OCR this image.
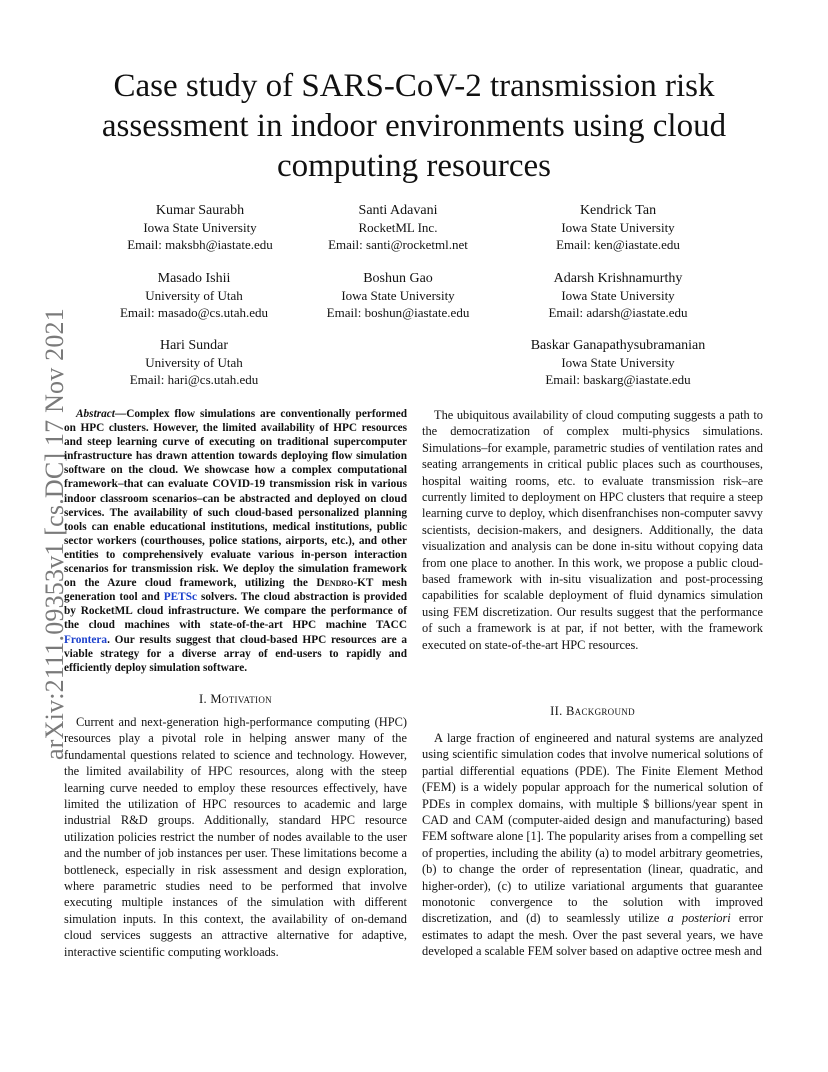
arXiv:2111.09353v1 [cs.DC] 17 Nov 2021
Case study of SARS-CoV-2 transmission risk assessment in indoor environments using cloud computing resources
Kumar Saurabh
Iowa State University
Email: maksbh@iastate.edu
Santi Adavani
RocketML Inc.
Email: santi@rocketml.net
Kendrick Tan
Iowa State University
Email: ken@iastate.edu
Masado Ishii
University of Utah
Email: masado@cs.utah.edu
Boshun Gao
Iowa State University
Email: boshun@iastate.edu
Adarsh Krishnamurthy
Iowa State University
Email: adarsh@iastate.edu
Hari Sundar
University of Utah
Email: hari@cs.utah.edu
Baskar Ganapathysubramanian
Iowa State University
Email: baskarg@iastate.edu

Abstract—Complex flow simulations are conventionally performed on HPC clusters. However, the limited availability of HPC resources and steep learning curve of executing on traditional supercomputer infrastructure has drawn attention towards deploying flow simulation software on the cloud. We showcase how a complex computational framework–that can evaluate COVID-19 transmission risk in various indoor classroom scenarios–can be abstracted and deployed on cloud services. The availability of such cloud-based personalized planning tools can enable educational institutions, medical institutions, public sector workers (courthouses, police stations, airports, etc.), and other entities to comprehensively evaluate various in-person interaction scenarios for transmission risk. We deploy the simulation framework on the Azure cloud framework, utilizing the Dendro-KT mesh generation tool and PETSc solvers. The cloud abstraction is provided by RocketML cloud infrastructure. We compare the performance of the cloud machines with state-of-the-art HPC machine TACC Frontera. Our results suggest that cloud-based HPC resources are a viable strategy for a diverse array of end-users to rapidly and efficiently deploy simulation software.

I. Motivation

Current and next-generation high-performance computing (HPC) resources play a pivotal role in helping answer many of the fundamental questions related to science and technology. However, the limited availability of HPC resources, along with the steep learning curve needed to employ these resources effectively, have limited the utilization of HPC resources to academic and large industrial R&D groups. Additionally, standard HPC resource utilization policies restrict the number of nodes available to the user and the number of job instances per user. These limitations become a bottleneck, especially in risk assessment and design exploration, where parametric studies need to be performed that involve executing multiple instances of the simulation with different simulation inputs. In this context, the availability of on-demand cloud services suggests an attractive alternative for adaptive, interactive scientific computing workloads.

The ubiquitous availability of cloud computing suggests a path to the democratization of complex multi-physics simulations. Simulations–for example, parametric studies of ventilation rates and seating arrangements in critical public places such as courthouses, hospital waiting rooms, etc. to evaluate transmission risk–are currently limited to deployment on HPC clusters that require a steep learning curve to deploy, which disenfranchises non-computer savvy scientists, decision-makers, and designers. Additionally, the data visualization and analysis can be done in-situ without copying data from one place to another. In this work, we propose a public cloud-based framework with in-situ visualization and post-processing capabilities for scalable deployment of fluid dynamics simulation using FEM discretization. Our results suggest that the performance of such a framework is at par, if not better, with the framework executed on state-of-the-art HPC resources.

II. Background

A large fraction of engineered and natural systems are analyzed using scientific simulation codes that involve numerical solutions of partial differential equations (PDE). The Finite Element Method (FEM) is a widely popular approach for the numerical solution of PDEs in complex domains, with multiple $ billions/year spent in CAD and CAM (computer-aided design and manufacturing) based FEM software alone [1]. The popularity arises from a compelling set of properties, including the ability (a) to model arbitrary geometries, (b) to change the order of representation (linear, quadratic, and higher-order), (c) to utilize variational arguments that guarantee monotonic convergence to the solution with improved discretization, and (d) to seamlessly utilize a posteriori error estimates to adapt the mesh. Over the past several years, we have developed a scalable FEM solver based on adaptive octree mesh and
